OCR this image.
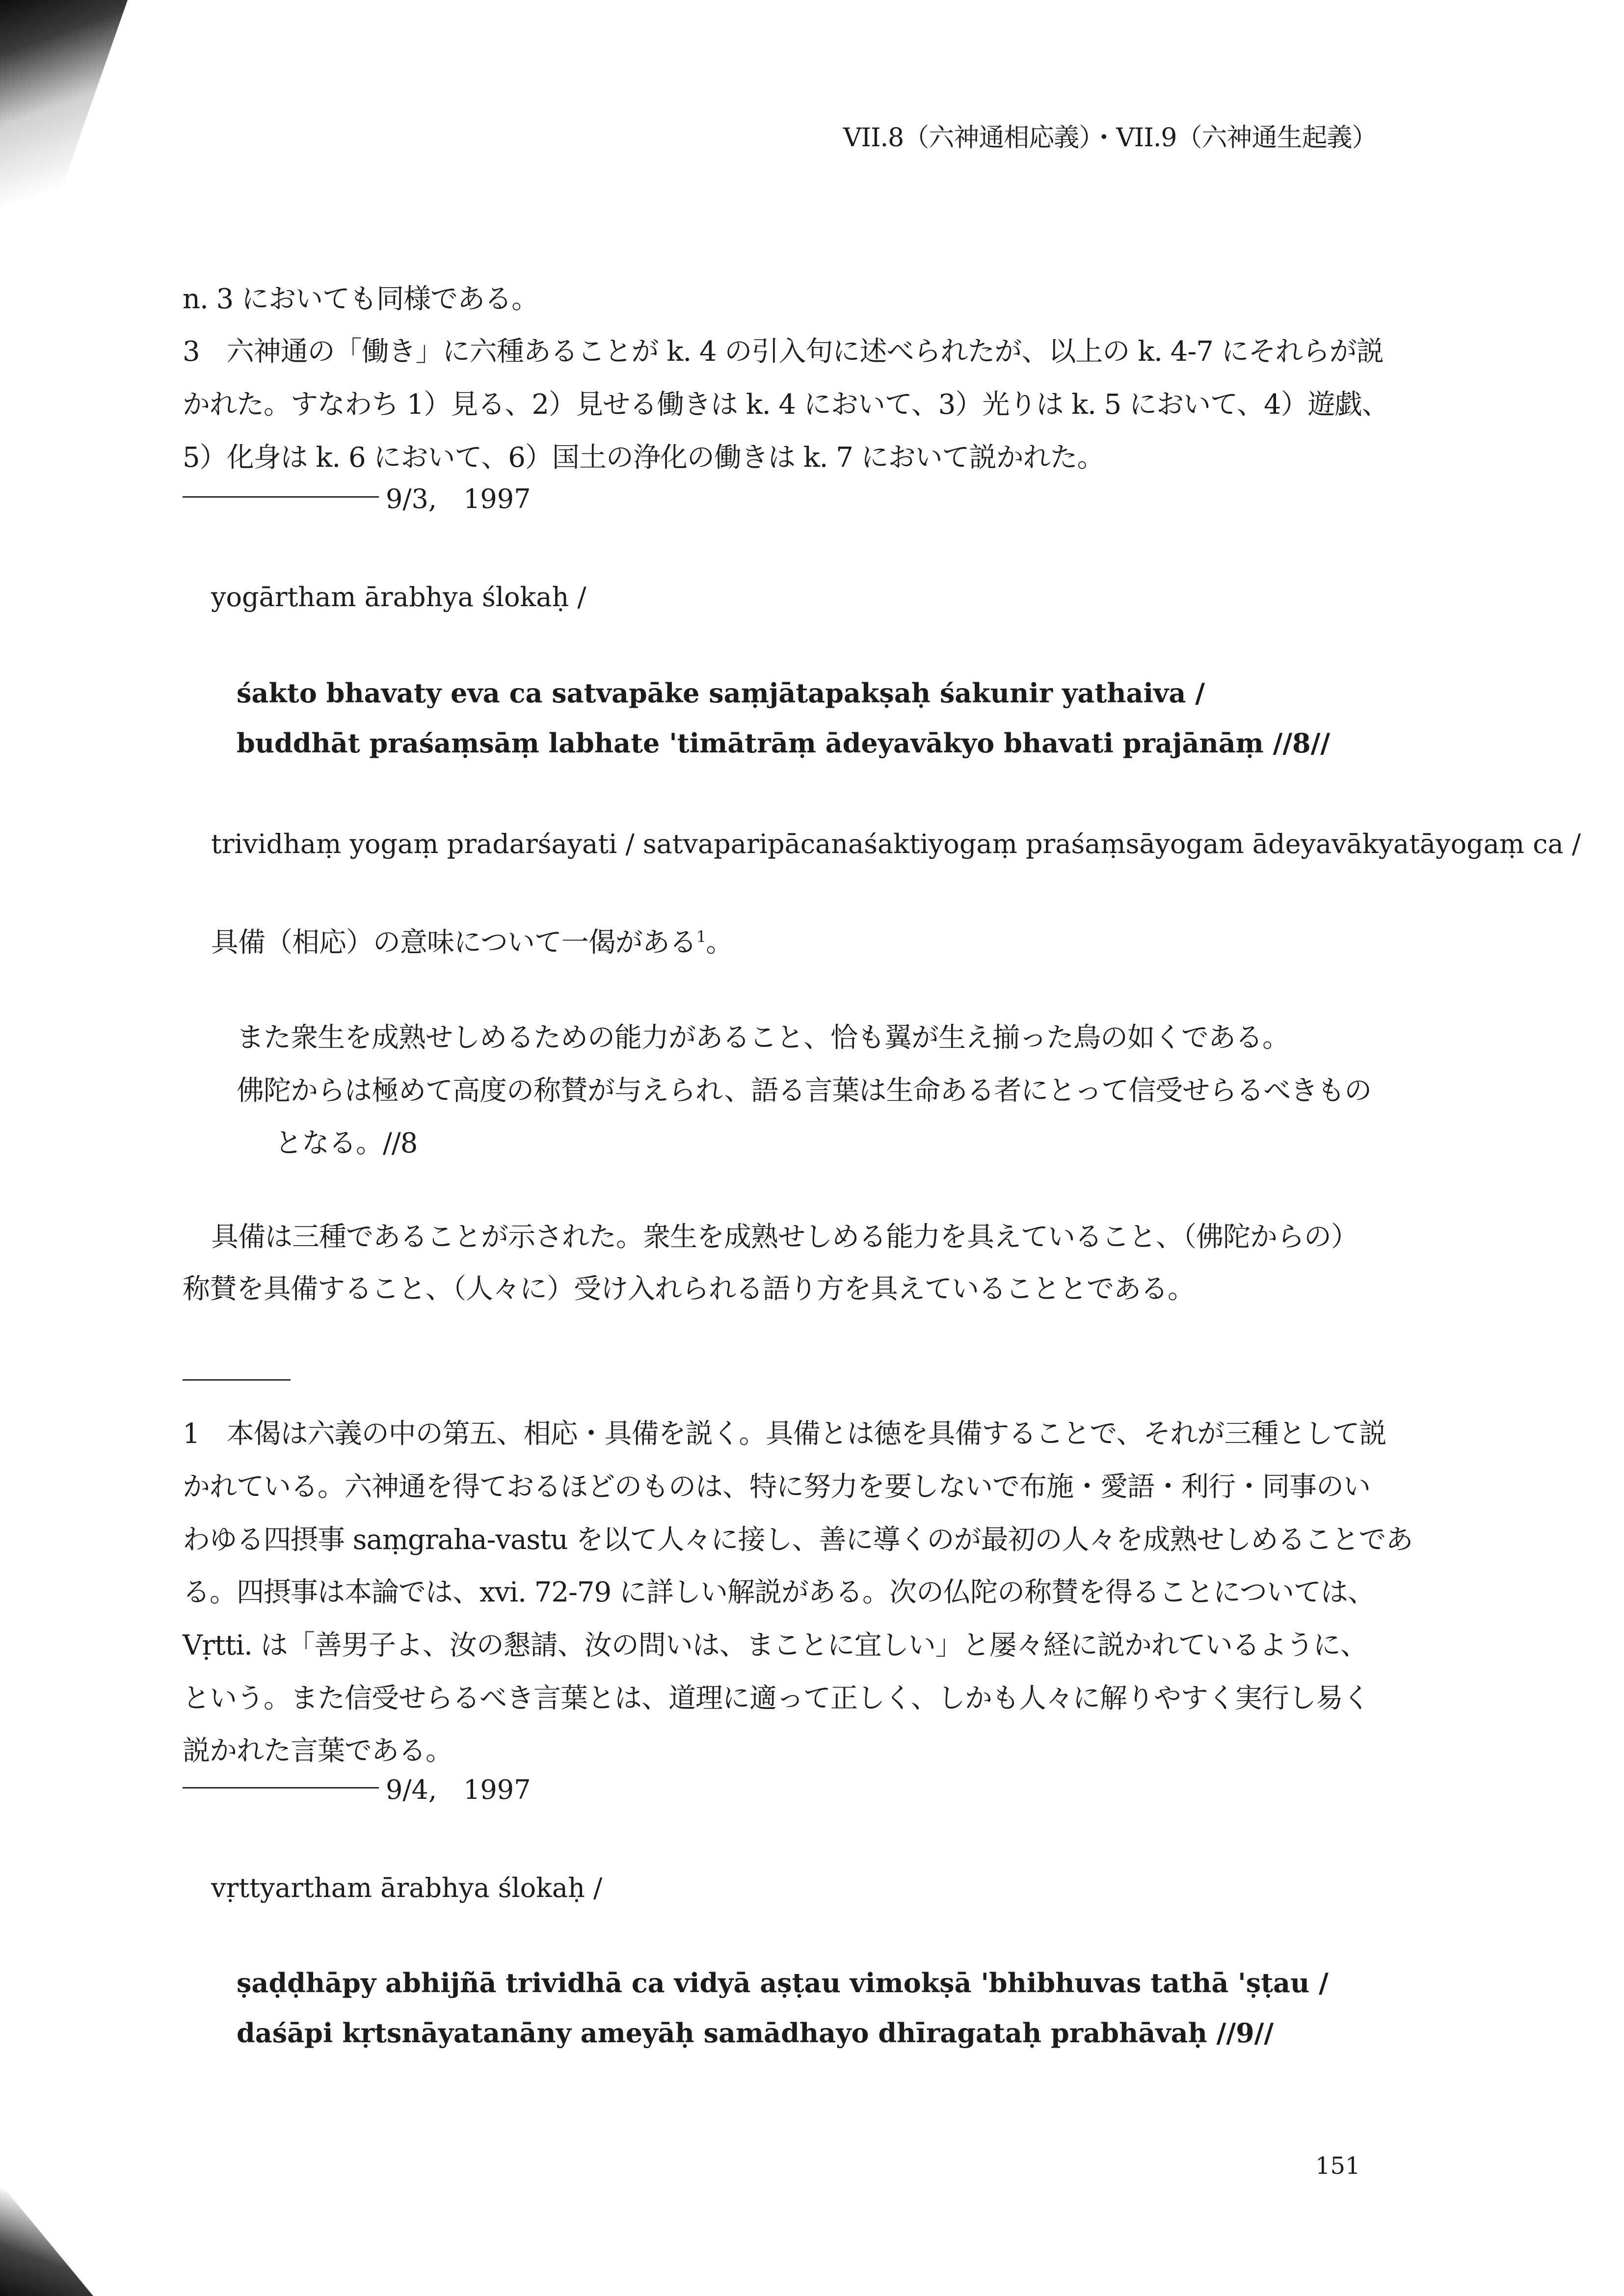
VII.8（六神通相応義）・VII.9（六神通生起義）
n. 3 においても同様である。
3　六神通の「働き」に六種あることが k. 4 の引入句に述べられたが、以上の k. 4-7 にそれらが説
かれた。すなわち 1）見る、2）見せる働きは k. 4 において、3）光りは k. 5 において、4）遊戯、
5）化身は k. 6 において、6）国土の浄化の働きは k. 7 において説かれた。
9/3,　1997
yogārtham ārabhya ślokaḥ /
śakto bhavaty eva ca satvapāke saṃjātapakṣaḥ śakunir yathaiva /
buddhāt praśaṃsāṃ labhate 'timātrāṃ ādeyavākyo bhavati prajānāṃ //8//
trividhaṃ yogaṃ pradarśayati / satvaparipācanaśaktiyogaṃ praśaṃsāyogam ādeyavākyatāyogaṃ ca /
具備（相応）の意味について一偈がある$^1$。
また衆生を成熟せしめるための能力があること、恰も翼が生え揃った鳥の如くである。
佛陀からは極めて高度の称賛が与えられ、語る言葉は生命ある者にとって信受せらるべきもの
となる。//8
具備は三種であることが示された。衆生を成熟せしめる能力を具えていること、（佛陀からの）
称賛を具備すること、（人々に）受け入れられる語り方を具えていることとである。
1　本偈は六義の中の第五、相応・具備を説く。具備とは徳を具備することで、それが三種として説
かれている。六神通を得ておるほどのものは、特に努力を要しないで布施・愛語・利行・同事のい
わゆる四摂事 saṃgraha-vastu を以て人々に接し、善に導くのが最初の人々を成熟せしめることであ
る。四摂事は本論では、xvi. 72-79 に詳しい解説がある。次の仏陀の称賛を得ることについては、
Vṛtti. は「善男子よ、汝の懇請、汝の問いは、まことに宜しい」と屡々経に説かれているように、
という。また信受せらるべき言葉とは、道理に適って正しく、しかも人々に解りやすく実行し易く
説かれた言葉である。
9/4,　1997
vṛttyartham ārabhya ślokaḥ /
ṣaḍḍhāpy abhijñā trividhā ca vidyā aṣṭau vimokṣā 'bhibhuvas tathā 'ṣṭau /
daśāpi kṛtsnāyatanāny ameyāḥ samādhayo dhīragataḥ prabhāvaḥ //9//
151
